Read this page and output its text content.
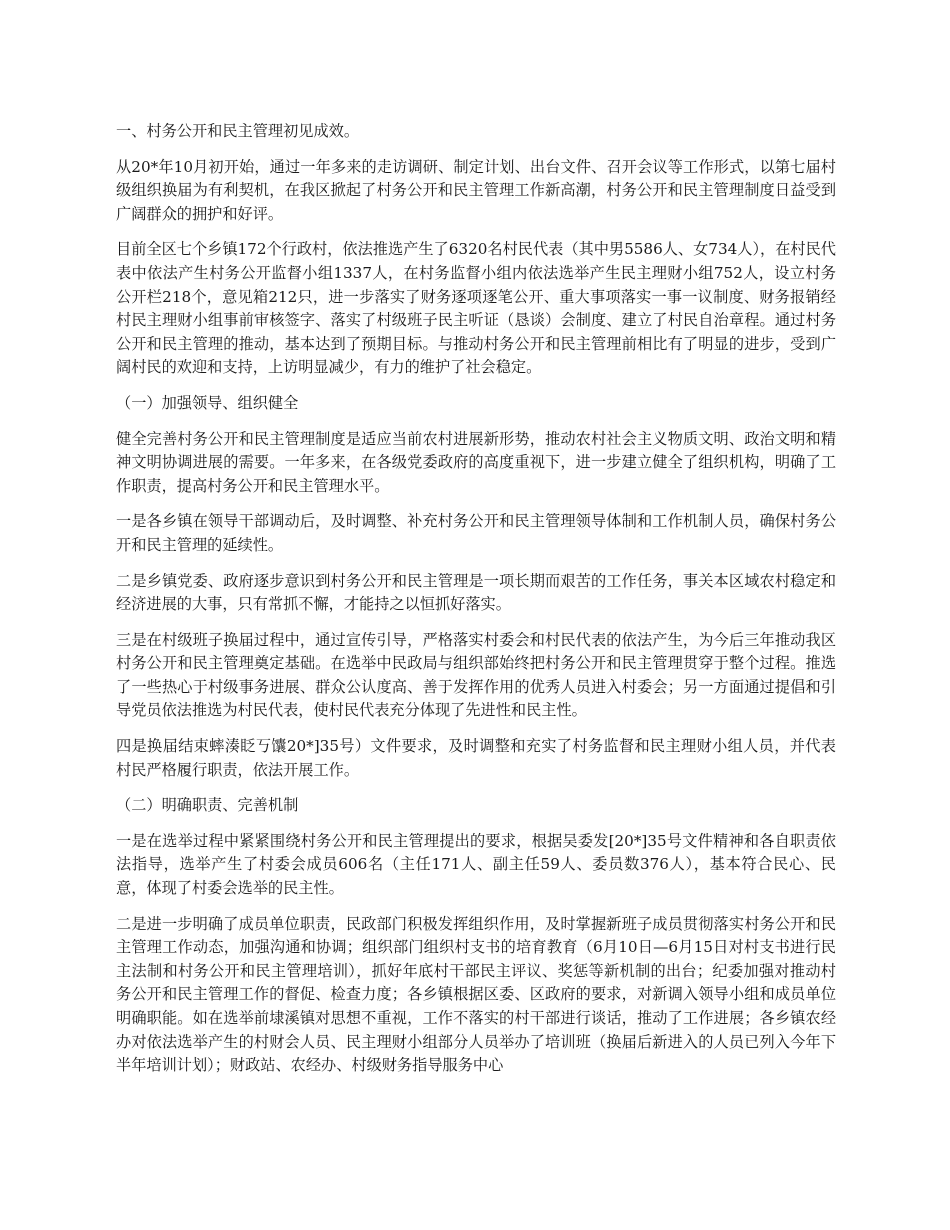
一、村务公开和民主管理初见成效。

从20*年10月初开始，通过一年多来的走访调研、制定计划、出台文件、召开会议等工作形式，以第七届村级组织换届为有利契机，在我区掀起了村务公开和民主管理工作新高潮，村务公开和民主管理制度日益受到广阔群众的拥护和好评。

目前全区七个乡镇172个行政村，依法推选产生了6320名村民代表（其中男5586人、女734人），在村民代表中依法产生村务公开监督小组1337人，在村务监督小组内依法选举产生民主理财小组752人，设立村务公开栏218个，意见箱212只，进一步落实了财务逐项逐笔公开、重大事项落实一事一议制度、财务报销经村民主理财小组事前审核签字、落实了村级班子民主听证（恳谈）会制度、建立了村民自治章程。通过村务公开和民主管理的推动，基本达到了预期目标。与推动村务公开和民主管理前相比有了明显的进步，受到广阔村民的欢迎和支持，上访明显减少，有力的维护了社会稳定。

（一）加强领导、组织健全

健全完善村务公开和民主管理制度是适应当前农村进展新形势，推动农村社会主义物质文明、政治文明和精神文明协调进展的需要。一年多来，在各级党委政府的高度重视下，进一步建立健全了组织机构，明确了工作职责，提高村务公开和民主管理水平。

一是各乡镇在领导干部调动后，及时调整、补充村务公开和民主管理领导体制和工作机制人员，确保村务公开和民主管理的延续性。

二是乡镇党委、政府逐步意识到村务公开和民主管理是一项长期而艰苦的工作任务，事关本区域农村稳定和经济进展的大事，只有常抓不懈，才能持之以恒抓好落实。

三是在村级班子换届过程中，通过宣传引导，严格落实村委会和村民代表的依法产生，为今后三年推动我区村务公开和民主管理奠定基础。在选举中民政局与组织部始终把村务公开和民主管理贯穿于整个过程。推选了一些热心于村级事务进展、群众公认度高、善于发挥作用的优秀人员进入村委会；另一方面通过提倡和引导党员依法推选为村民代表，使村民代表充分体现了先进性和民主性。

四是换届结束蟀湊眨丂馕20*]35号）文件要求，及时调整和充实了村务监督和民主理财小组人员，并代表村民严格履行职责，依法开展工作。

（二）明确职责、完善机制

一是在选举过程中紧紧围绕村务公开和民主管理提出的要求，根据吴委发[20*]35号文件精神和各自职责依法指导，选举产生了村委会成员606名（主任171人、副主任59人、委员数376人），基本符合民心、民意，体现了村委会选举的民主性。

二是进一步明确了成员单位职责，民政部门积极发挥组织作用，及时掌握新班子成员贯彻落实村务公开和民主管理工作动态，加强沟通和协调；组织部门组织村支书的培育教育（6月10日—6月15日对村支书进行民主法制和村务公开和民主管理培训），抓好年底村干部民主评议、奖惩等新机制的出台；纪委加强对推动村务公开和民主管理工作的督促、检查力度；各乡镇根据区委、区政府的要求，对新调入领导小组和成员单位明确职能。如在选举前埭溪镇对思想不重视，工作不落实的村干部进行谈话，推动了工作进展；各乡镇农经办对依法选举产生的村财会人员、民主理财小组部分人员举办了培训班（换届后新进入的人员已列入今年下半年培训计划）；财政站、农经办、村级财务指导服务中心
